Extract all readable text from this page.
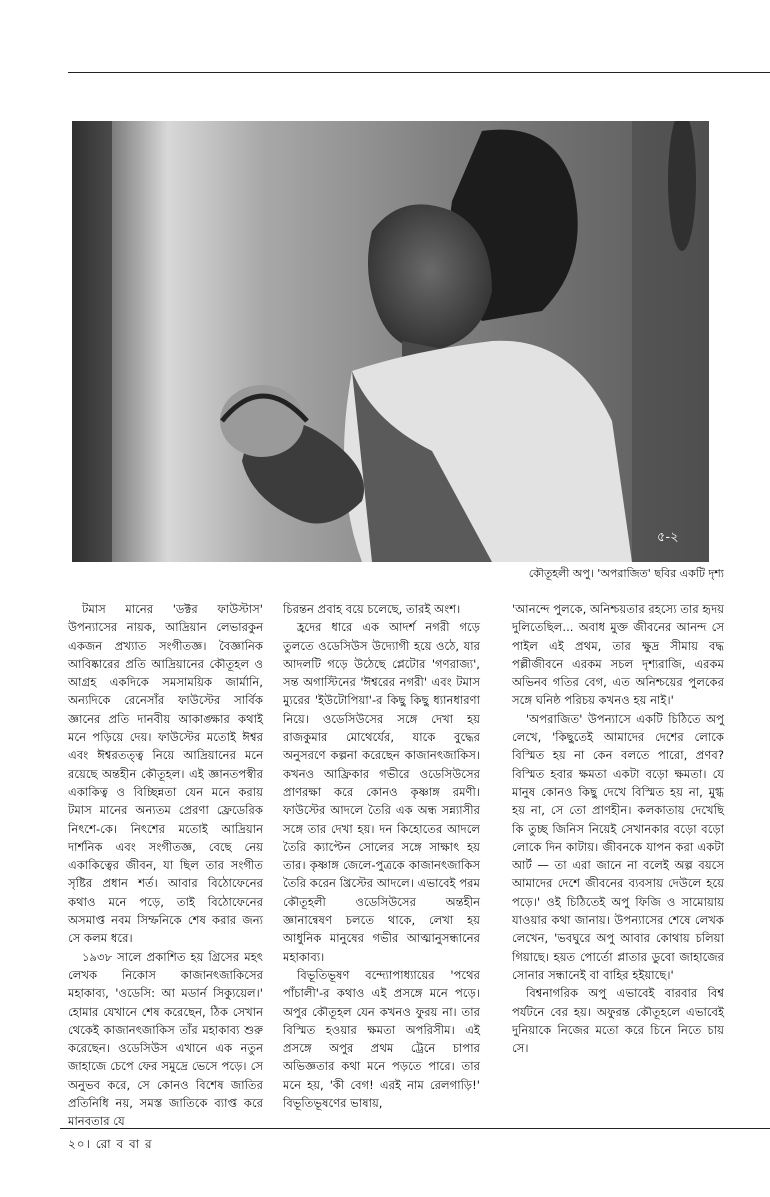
৫-২
কৌতূহলী অপু। 'অপরাজিত' ছবির একটি দৃশ্য

টমাস মানের 'ডক্টর ফাউস্টাস' উপন্যাসের নায়ক, আদ্রিয়ান লেভারকুন একজন প্রখ্যাত সংগীতজ্ঞ। বৈজ্ঞানিক আবিষ্কারের প্রতি আদ্রিয়ানের কৌতূহল ও আগ্রহ একদিকে সমসাময়িক জার্মানি, অন্যদিকে রেনেসাঁর ফাউস্টের সার্বিক জ্ঞানের প্রতি দানবীয় আকাঙ্ক্ষার কথাই মনে পড়িয়ে দেয়। ফাউস্টের মতোই ঈশ্বর এবং ঈশ্বরতত্ত্ব নিয়ে আদ্রিয়ানের মনে রয়েছে অন্তহীন কৌতূহল। এই জ্ঞানতপস্বীর একাকিত্ব ও বিচ্ছিন্নতা যেন মনে করায় টমাস মানের অন্যতম প্রেরণা ফ্রেডেরিক নিৎশে-কে। নিৎশের মতোই আদ্রিয়ান দার্শনিক এবং সংগীতজ্ঞ, বেছে নেয় একাকিত্বের জীবন, যা ছিল তার সংগীত সৃষ্টির প্রধান শর্ত। আবার বিঠোফেনের কথাও মনে পড়ে, তাই বিঠোফেনের অসমাপ্ত নবম সিম্ফনিকে শেষ করার জন্য সে কলম ধরে।

১৯৩৮ সালে প্রকাশিত হয় গ্রিসের মহৎ লেখক নিকোস কাজানৎজাকিসের মহাকাব্য, 'ওডেসি: আ মডার্ন সিক্যুয়েল।' হোমার যেখানে শেষ করেছেন, ঠিক সেখান থেকেই কাজানৎজাকিস তাঁর মহাকাব্য শুরু করেছেন। ওডেসিউস এখানে এক নতুন জাহাজে চেপে ফের সমুদ্রে ভেসে পড়ে। সে অনুভব করে, সে কোনও বিশেষ জাতির প্রতিনিধি নয়, সমস্ত জাতিকে ব্যাপ্ত করে মানবতার যে

চিরন্তন প্রবাহ বয়ে চলেছে, তারই অংশ।

হ্রদের ধারে এক আদর্শ নগরী গড়ে তুলতে ওডেসিউস উদ্যোগী হয়ে ওঠে, যার আদলটি গড়ে উঠেছে প্লেটোর 'গণরাজ্য', সন্ত অগাস্টিনের 'ঈশ্বরের নগরী' এবং টমাস ম্যুরের 'ইউটোপিয়া'-র কিছু কিছু ধ্যানধারণা নিয়ে। ওডেসিউসের সঙ্গে দেখা হয় রাজকুমার মোথের্যের, যাকে বুদ্ধের অনুসরণে কল্পনা করেছেন কাজানৎজাকিস। কখনও আফ্রিকার গভীরে ওডেসিউসের প্রাণরক্ষা করে কোনও কৃষ্ণাঙ্গ রমণী। ফাউস্টের আদলে তৈরি এক অন্ধ সন্ন্যাসীর সঙ্গে তার দেখা হয়। দন কিহোতের আদলে তৈরি ক্যাপ্টেন সোলের সঙ্গে সাক্ষাৎ হয় তার। কৃষ্ণাঙ্গ জেলে-পুত্রকে কাজানৎজাকিস তৈরি করেন খ্রিস্টের আদলে। এভাবেই পরম কৌতূহলী ওডেসিউসের অন্তহীন জ্ঞানান্বেষণ চলতে থাকে, লেখা হয় আধুনিক মানুষের গভীর আত্মানুসন্ধানের মহাকাব্য।

বিভূতিভূষণ বন্দ্যোপাধ্যায়ের 'পথের পাঁচালী'-র কথাও এই প্রসঙ্গে মনে পড়ে। অপুর কৌতূহল যেন কখনও ফুরয় না। তার বিস্মিত হওয়ার ক্ষমতা অপরিসীম। এই প্রসঙ্গে অপুর প্রথম ট্রেনে চাপার অভিজ্ঞতার কথা মনে পড়তে পারে। তার মনে হয়, 'কী বেগ! এরই নাম রেলগাড়ি!' বিভূতিভূষণের ভাষায়,

'আনন্দে পুলকে, অনিশ্চয়তার রহস্যে তার হৃদয় দুলিতেছিল... অবাধ মুক্ত জীবনের আনন্দ সে পাইল এই প্রথম, তার ক্ষুদ্র সীমায় বদ্ধ পল্লীজীবনে এরকম সচল দৃশ্যরাজি, এরকম অভিনব গতির বেগ, এত অনিশ্চয়ের পুলকের সঙ্গে ঘনিষ্ঠ পরিচয় কখনও হয় নাই।'

'অপরাজিত' উপন্যাসে একটি চিঠিতে অপু লেখে, 'কিছুতেই আমাদের দেশের লোকে বিস্মিত হয় না কেন বলতে পারো, প্রণব? বিস্মিত হবার ক্ষমতা একটা বড়ো ক্ষমতা। যে মানুষ কোনও কিছু দেখে বিস্মিত হয় না, মুগ্ধ হয় না, সে তো প্রাণহীন। কলকাতায় দেখেছি কি তুচ্ছ জিনিস নিয়েই সেখানকার বড়ো বড়ো লোকে দিন কাটায়। জীবনকে যাপন করা একটা আর্ট — তা এরা জানে না বলেই অল্প বয়সে আমাদের দেশে জীবনের ব্যবসায় দেউলে হয়ে পড়ে।' ওই চিঠিতেই অপু ফিজি ও সামোয়ায় যাওয়ার কথা জানায়। উপন্যাসের শেষে লেখক লেখেন, 'ভবঘুরে অপু আবার কোথায় চলিয়া গিয়াছে। হয়ত পোর্তো প্লাতার ডুবো জাহাজের সোনার সন্ধানেই বা বাহির হইয়াছে।'

বিশ্বনাগরিক অপু এভাবেই বারবার বিশ্ব পর্যটনে বের হয়। অফুরন্ত কৌতূহলে এভাবেই দুনিয়াকে নিজের মতো করে চিনে নিতে চায় সে।

২০। রো ব বা র
